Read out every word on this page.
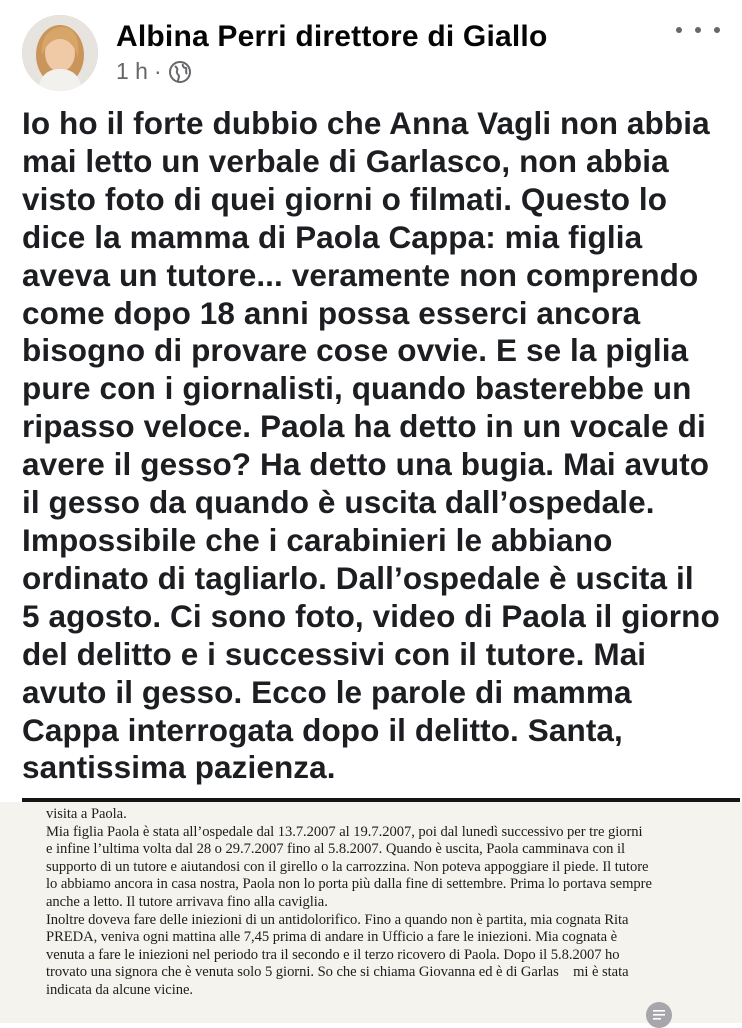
Albina Perri direttore di Giallo
1 h ·

Io ho il forte dubbio che Anna Vagli non abbia
mai letto un verbale di Garlasco, non abbia
visto foto di quei giorni o filmati. Questo lo
dice la mamma di Paola Cappa: mia figlia
aveva un tutore... veramente non comprendo
come dopo 18 anni possa esserci ancora
bisogno di provare cose ovvie. E se la piglia
pure con i giornalisti, quando basterebbe un
ripasso veloce. Paola ha detto in un vocale di
avere il gesso? Ha detto una bugia. Mai avuto
il gesso da quando è uscita dall’ospedale.
Impossibile che i carabinieri le abbiano
ordinato di tagliarlo. Dall’ospedale è uscita il
5 agosto. Ci sono foto, video di Paola il giorno
del delitto e i successivi con il tutore. Mai
avuto il gesso. Ecco le parole di mamma
Cappa interrogata dopo il delitto. Santa,
santissima pazienza.

visita a Paola.
Mia figlia Paola è stata all’ospedale dal 13.7.2007 al 19.7.2007, poi dal lunedì successivo per tre giorni
e infine l’ultima volta dal 28 o 29.7.2007 fino al 5.8.2007. Quando è uscita, Paola camminava con il
supporto di un tutore e aiutandosi con il girello o la carrozzina. Non poteva appoggiare il piede. Il tutore
lo abbiamo ancora in casa nostra, Paola non lo porta più dalla fine di settembre. Prima lo portava sempre
anche a letto. Il tutore arrivava fino alla caviglia.
Inoltre doveva fare delle iniezioni di un antidolorifico. Fino a quando non è partita, mia cognata Rita
PREDA, veniva ogni mattina alle 7,45 prima di andare in Ufficio a fare le iniezioni. Mia cognata è
venuta a fare le iniezioni nel periodo tra il secondo e il terzo ricovero di Paola. Dopo il 5.8.2007 ho
trovato una signora che è venuta solo 5 giorni. So che si chiama Giovanna ed è di Garlas    mi è stata
indicata da alcune vicine.
